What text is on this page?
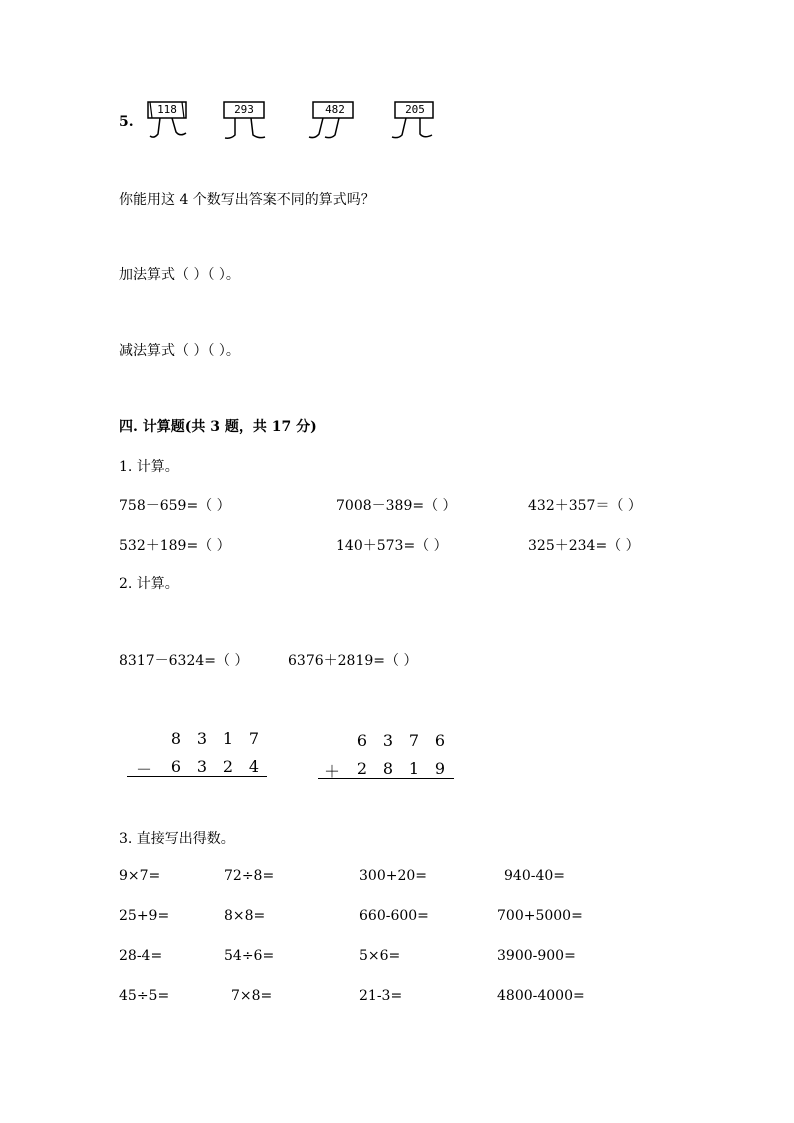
5.
118	293	482	205
你能用这 4 个数写出答案不同的算式吗？
加法算式（ ）（ ）。
减法算式（ ）（ ）。
四. 计算题(共 3 题，共 17 分)
1. 计算。
758－659=（ ）	7008－389=（ ）	432＋357＝（ ）
532＋189=（ ）	140＋573=（ ）	325＋234=（ ）
2. 计算。
8317－6324=（ ）	6376＋2819=（ ）
8 3 1 7
－	6 3 2 4
6 3 7 6
＋	2 8 1 9
3. 直接写出得数。
9×7=	72÷8=	300+20=	940-40=
25+9=	8×8=	660-600=	700+5000=
28-4=	54÷6=	5×6=	3900-900=
45÷5=	7×8=	21-3=	4800-4000=
